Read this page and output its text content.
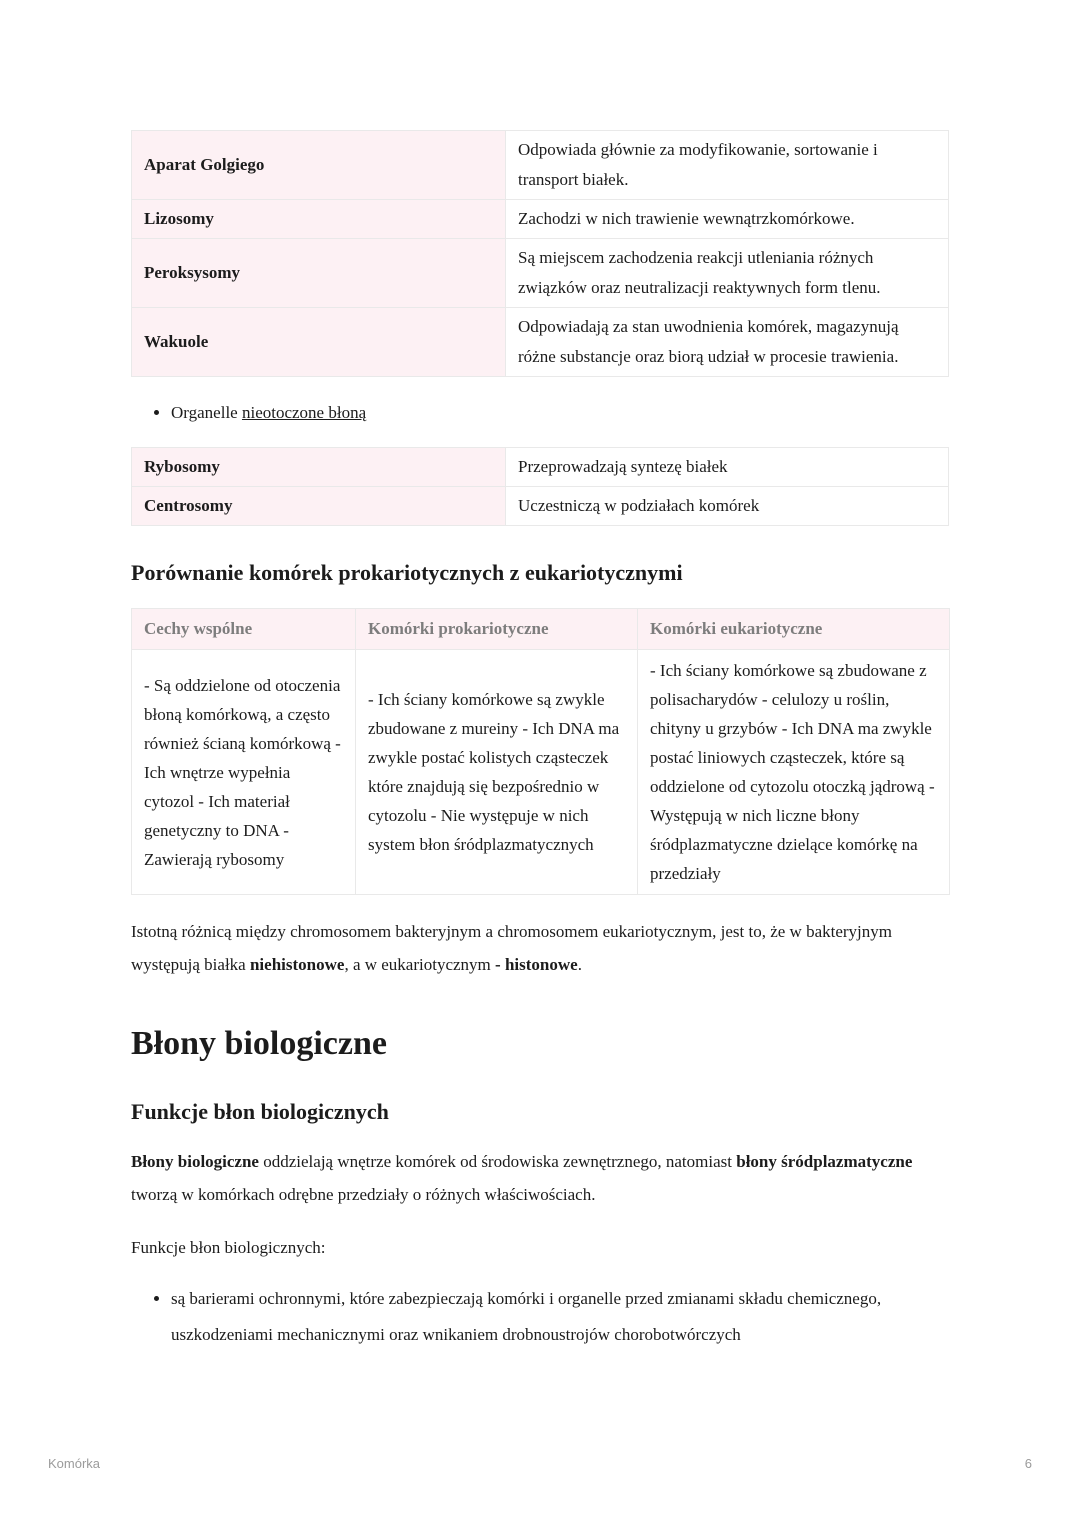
Aparat Golgiego	Odpowiada głównie za modyfikowanie, sortowanie i transport białek.
Lizosomy	Zachodzi w nich trawienie wewnątrzkomórkowe.
Peroksysomy	Są miejscem zachodzenia reakcji utleniania różnych związków oraz neutralizacji reaktywnych form tlenu.
Wakuole	Odpowiadają za stan uwodnienia komórek, magazynują różne substancje oraz biorą udział w procesie trawienia.
• Organelle nieotoczone błoną
Rybosomy	Przeprowadzają syntezę białek
Centrosomy	Uczestniczą w podziałach komórek
Porównanie komórek prokariotycznych z eukariotycznymi
Cechy wspólne	Komórki prokariotyczne	Komórki eukariotyczne
- Są oddzielone od otoczenia błoną komórkową, a często również ścianą komórkową - Ich wnętrze wypełnia cytozol - Ich materiał genetyczny to DNA - Zawierają rybosomy	- Ich ściany komórkowe są zwykle zbudowane z mureiny - Ich DNA ma zwykle postać kolistych cząsteczek które znajdują się bezpośrednio w cytozolu - Nie występuje w nich system błon śródplazmatycznych	- Ich ściany komórkowe są zbudowane z polisacharydów - celulozy u roślin, chityny u grzybów - Ich DNA ma zwykle postać liniowych cząsteczek, które są oddzielone od cytozolu otoczką jądrową - Występują w nich liczne błony śródplazmatyczne dzielące komórkę na przedziały

Istotną różnicą między chromosomem bakteryjnym a chromosomem eukariotycznym, jest to, że w bakteryjnym występują białka niehistonowe, a w eukariotycznym - histonowe.

Błony biologiczne
Funkcje błon biologicznych

Błony biologiczne oddzielają wnętrze komórek od środowiska zewnętrznego, natomiast błony śródplazmatyczne tworzą w komórkach odrębne przedziały o różnych właściwościach.

Funkcje błon biologicznych:

• są barierami ochronnymi, które zabezpieczają komórki i organelle przed zmianami składu chemicznego, uszkodzeniami mechanicznymi oraz wnikaniem drobnoustrojów chorobotwórczych
Komórka	6
